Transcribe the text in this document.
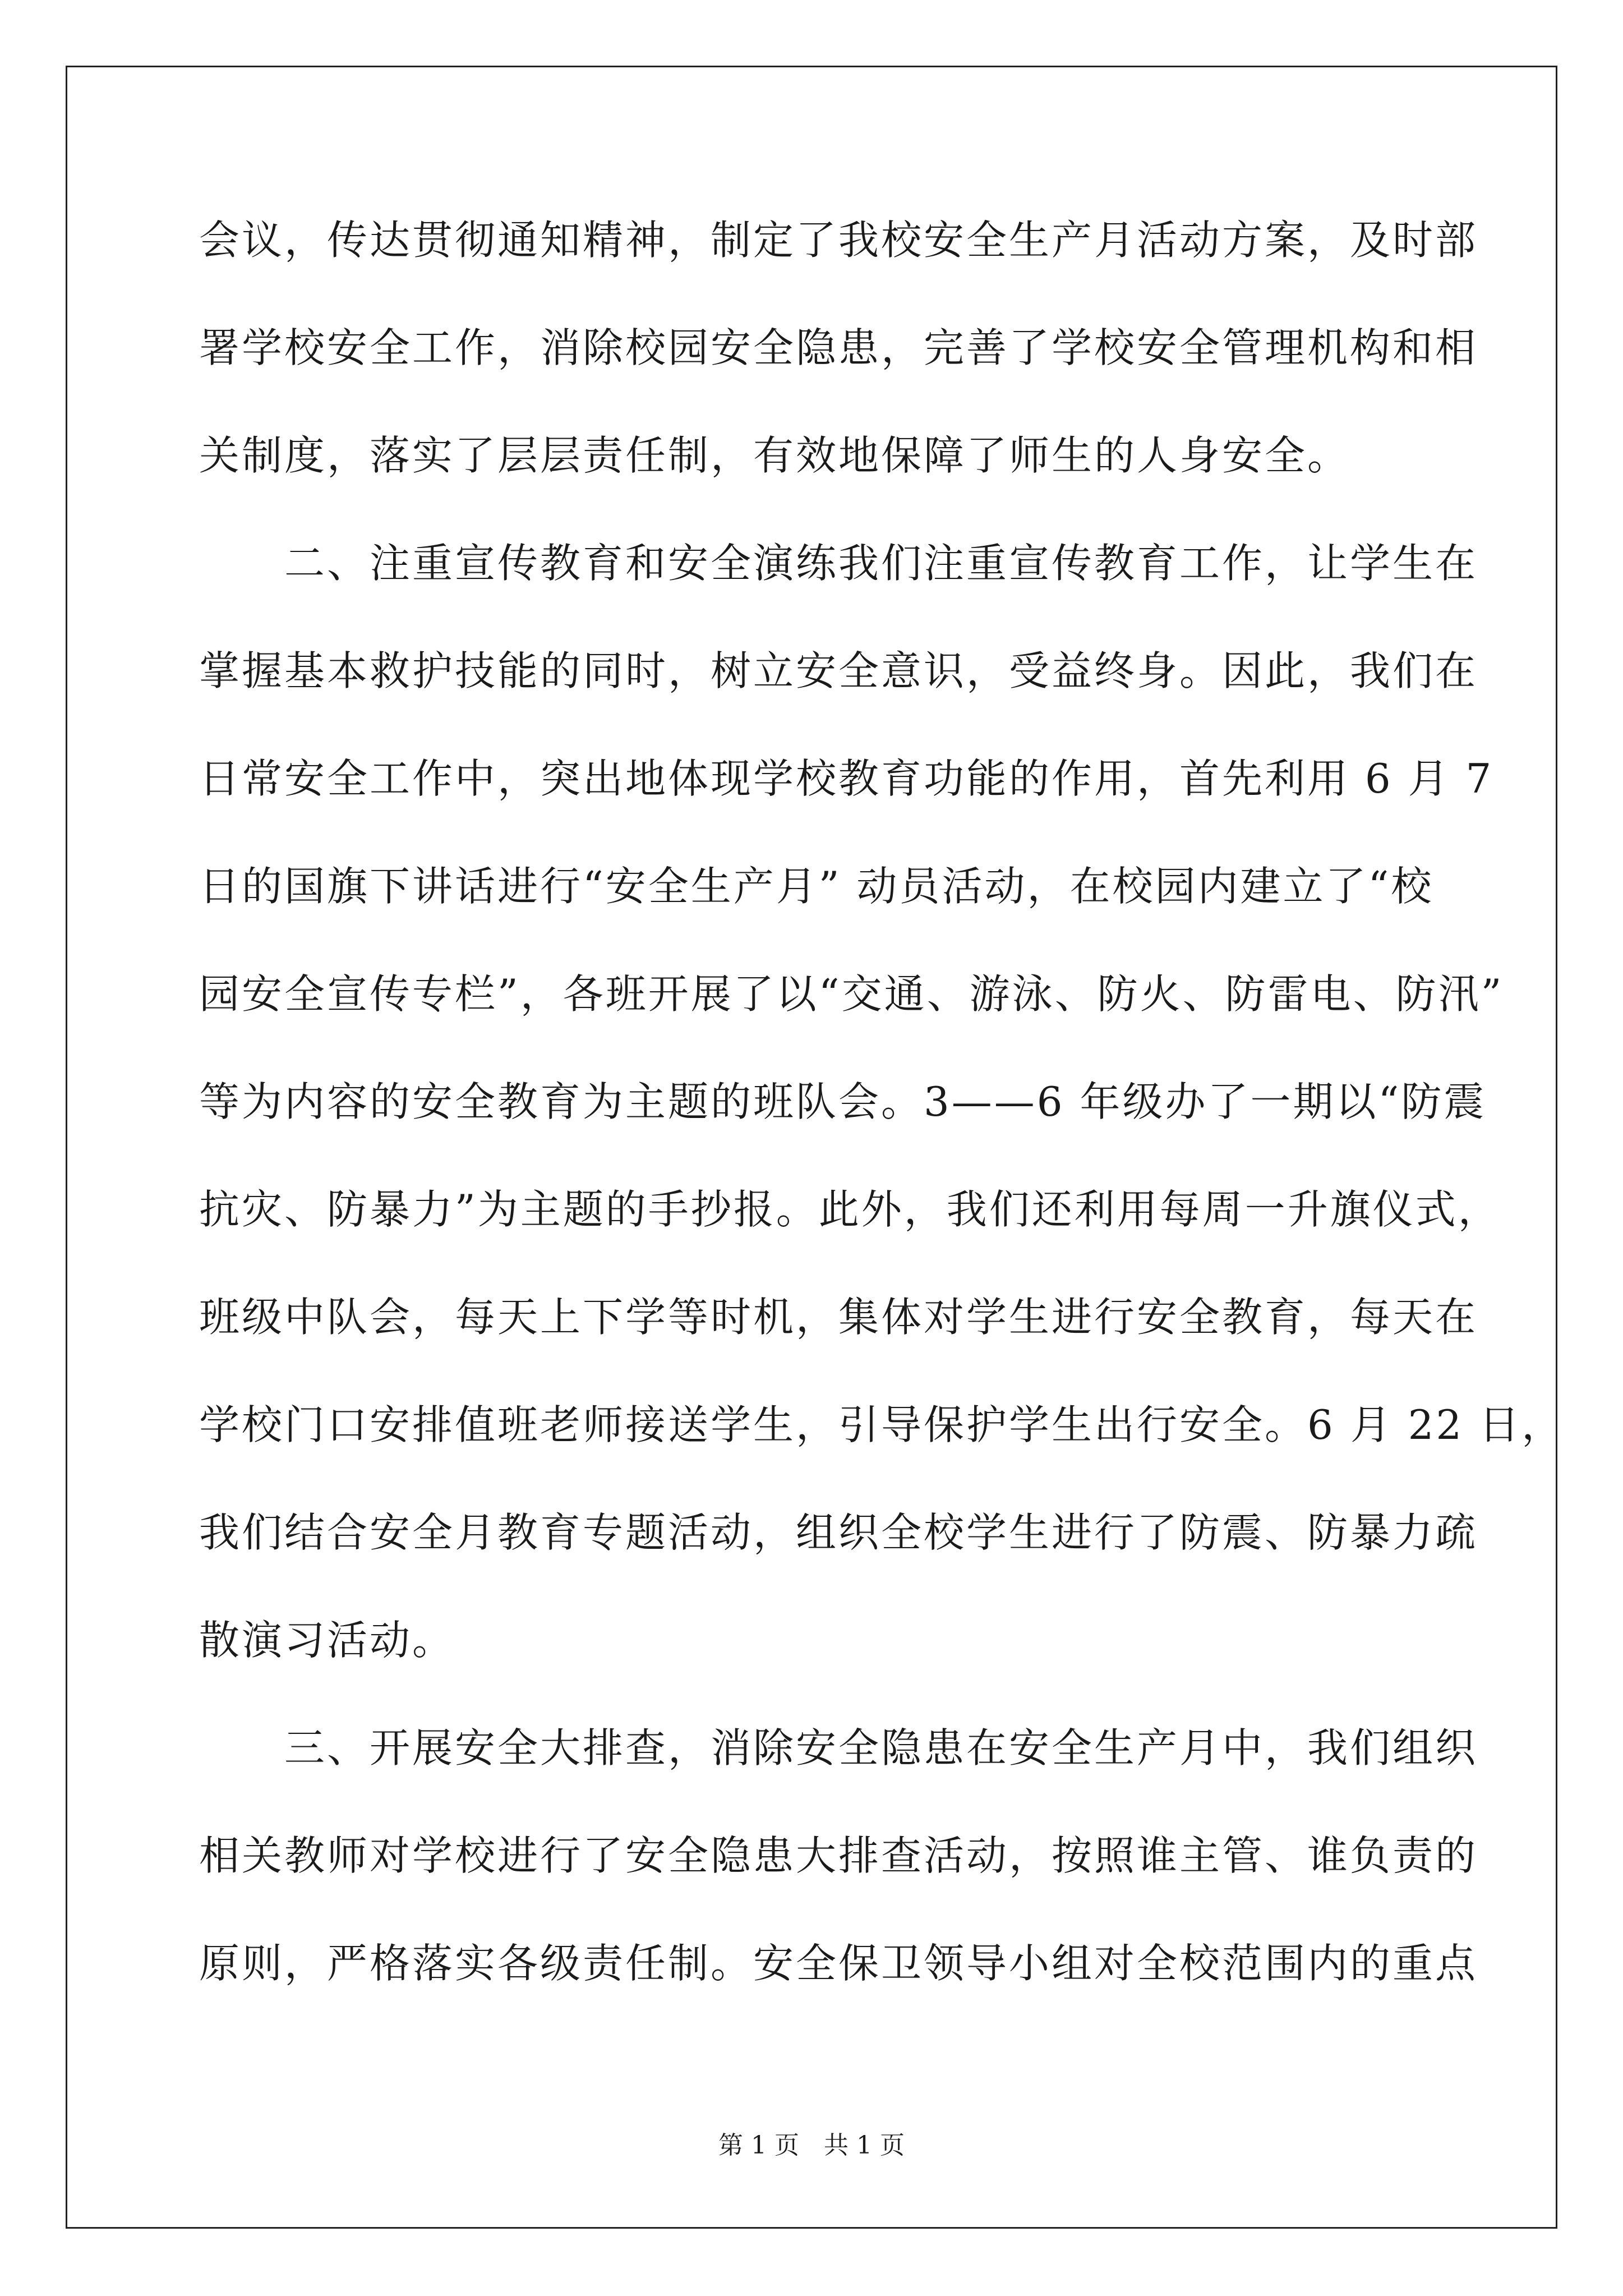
会议，传达贯彻通知精神，制定了我校安全生产月活动方案，及时部
署学校安全工作，消除校园安全隐患，完善了学校安全管理机构和相
关制度，落实了层层责任制，有效地保障了师生的人身安全。
　　二、注重宣传教育和安全演练我们注重宣传教育工作，让学生在
掌握基本救护技能的同时，树立安全意识，受益终身。因此，我们在
日常安全工作中，突出地体现学校教育功能的作用，首先利用 6 月 7
日的国旗下讲话进行“安全生产月” 动员活动，在校园内建立了“校
园安全宣传专栏”，各班开展了以“交通、游泳、防火、防雷电、防汛”
等为内容的安全教育为主题的班队会。3——6 年级办了一期以“防震
抗灾、防暴力”为主题的手抄报。此外，我们还利用每周一升旗仪式，
班级中队会，每天上下学等时机，集体对学生进行安全教育，每天在
学校门口安排值班老师接送学生，引导保护学生出行安全。6 月 22 日，
我们结合安全月教育专题活动，组织全校学生进行了防震、防暴力疏
散演习活动。
　　三、开展安全大排查，消除安全隐患在安全生产月中，我们组织
相关教师对学校进行了安全隐患大排查活动，按照谁主管、谁负责的
原则，严格落实各级责任制。安全保卫领导小组对全校范围内的重点
第 1 页 共 1 页
